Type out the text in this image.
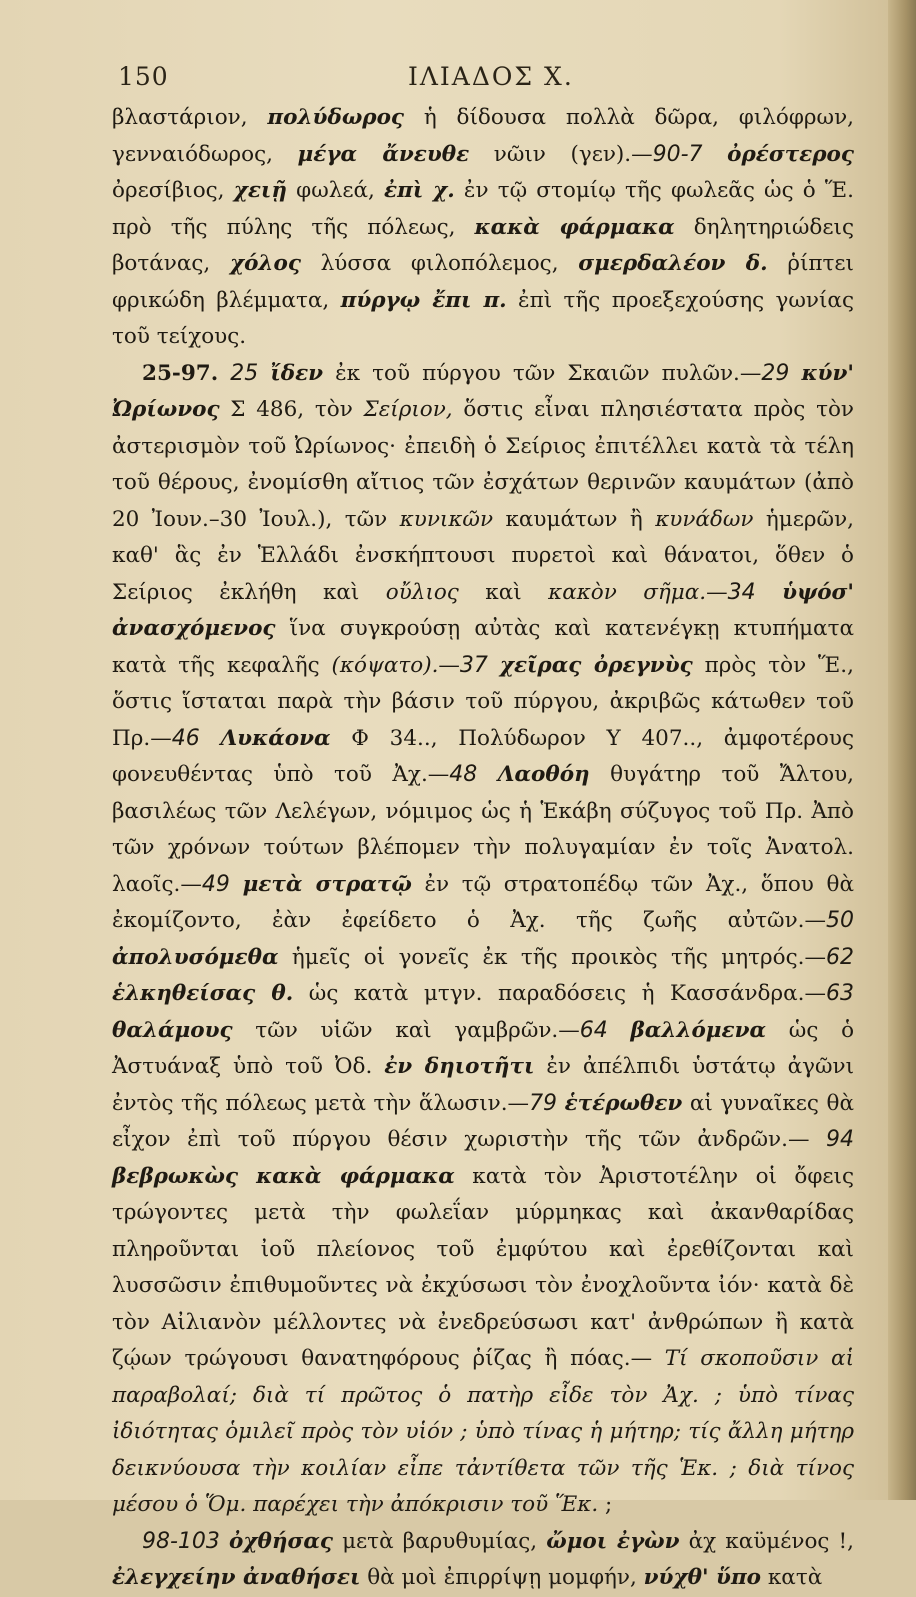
150	ΙΛΙΑΔΟΣ Χ.

βλαστάριον, πολύδωρος ἡ δίδουσα πολλὰ δῶρα, φιλόφρων, γενναιόδωρος, μέγα ἄνευθε νῶιν (γεν).—90-7 ὀρέστερος ὀρεσίβιος, χειῇ φωλεά, ἐπὶ χ. ἐν τῷ στομίῳ τῆς φωλεᾶς ὡς ὁ Ἕ. πρὸ τῆς πύλης τῆς πόλεως, κακὰ φάρμακα δηλητηριώδεις βοτάνας, χόλος λύσσα φιλοπόλεμος, σμερδαλέον δ. ῥίπτει φρικώδη βλέμματα, πύργῳ ἔπι π. ἐπὶ τῆς προεξεχούσης γωνίας τοῦ τείχους.

25-97. 25 ἴδεν ἐκ τοῦ πύργου τῶν Σκαιῶν πυλῶν.—29 κύν' Ὠρίωνος Σ 486, τὸν Σείριον, ὅστις εἶναι πλησιέστατα πρὸς τὸν ἀστερισμὸν τοῦ Ὠρίωνος· ἐπειδὴ ὁ Σείριος ἐπιτέλλει κατὰ τὰ τέλη τοῦ θέρους, ἐνομίσθη αἴτιος τῶν ἐσχάτων θερινῶν καυμάτων (ἀπὸ 20 Ἰουν.–30 Ἰουλ.), τῶν κυνικῶν καυμάτων ἢ κυνάδων ἡμερῶν, καθ' ἃς ἐν Ἑλλάδι ἐνσκήπτουσι πυρετοὶ καὶ θάνατοι, ὅθεν ὁ Σείριος ἐκλήθη καὶ οὔλιος καὶ κακὸν σῆμα.—34 ὑψόσ' ἀνασχόμενος ἵνα συγκρούσῃ αὐτὰς καὶ κατενέγκῃ κτυπήματα κατὰ τῆς κεφαλῆς (κόψατο).—37 χεῖρας ὀρεγνὺς πρὸς τὸν Ἕ., ὅστις ἵσταται παρὰ τὴν βάσιν τοῦ πύργου, ἀκριβῶς κάτωθεν τοῦ Πρ.—46 Λυκάονα Φ 34.., Πολύδωρον Υ 407.., ἀμφοτέρους φονευθέντας ὑπὸ τοῦ Ἀχ.—48 Λαοθόη θυγάτηρ τοῦ Ἄλτου, βασιλέως τῶν Λελέγων, νόμιμος ὡς ἡ Ἑκάβη σύζυγος τοῦ Πρ. Ἀπὸ τῶν χρόνων τούτων βλέπομεν τὴν πολυγαμίαν ἐν τοῖς Ἀνατολ. λαοῖς.—49 μετὰ στρατῷ ἐν τῷ στρατοπέδῳ τῶν Ἀχ., ὅπου θὰ ἐκομίζοντο, ἐὰν ἐφείδετο ὁ Ἀχ. τῆς ζωῆς αὐτῶν.—50 ἀπολυσόμεθα ἡμεῖς οἱ γονεῖς ἐκ τῆς προικὸς τῆς μητρός.—62 ἑλκηθείσας θ. ὡς κατὰ μτγν. παραδόσεις ἡ Κασσάνδρα.—63 θαλάμους τῶν υἱῶν καὶ γαμβρῶν.—64 βαλλόμενα ὡς ὁ Ἀστυάναξ ὑπὸ τοῦ Ὀδ. ἐν δηιοτῆτι ἐν ἀπέλπιδι ὑστάτῳ ἀγῶνι ἐντὸς τῆς πόλεως μετὰ τὴν ἅλωσιν.—79 ἑτέρωθεν αἱ γυναῖκες θὰ εἶχον ἐπὶ τοῦ πύργου θέσιν χωριστὴν τῆς τῶν ἀνδρῶν.— 94 βεβρωκὼς κακὰ φάρμακα κατὰ τὸν Ἀριστοτέλην οἱ ὄφεις τρώγοντες μετὰ τὴν φωλεΐαν μύρμηκας καὶ ἀκανθαρίδας πληροῦνται ἰοῦ πλείονος τοῦ ἐμφύτου καὶ ἐρεθίζονται καὶ λυσσῶσιν ἐπιθυμοῦντες νὰ ἐκχύσωσι τὸν ἐνοχλοῦντα ἰόν· κατὰ δὲ τὸν Αἰλιανὸν μέλλοντες νὰ ἐνεδρεύσωσι κατ' ἀνθρώπων ἢ κατὰ ζῴων τρώγουσι θανατηφόρους ῥίζας ἢ πόας.— Τί σκοποῦσιν αἱ παραβολαί; διὰ τί πρῶτος ὁ πατὴρ εἶδε τὸν Ἀχ. ; ὑπὸ τίνας ἰδιότητας ὁμιλεῖ πρὸς τὸν υἱόν ; ὑπὸ τίνας ἡ μήτηρ; τίς ἄλλη μήτηρ δεικνύουσα τὴν κοιλίαν εἶπε τἀντίθετα τῶν τῆς Ἑκ. ; διὰ τίνος μέσου ὁ Ὅμ. παρέχει τὴν ἀπόκρισιν τοῦ Ἕκ. ;

98-103 ὀχθήσας μετὰ βαρυθυμίας, ὤμοι ἐγὼν ἀχ καϋμένος !, ἐλεγχείην ἀναθήσει θὰ μοὶ ἐπιρρίψῃ μομφήν, νύχθ' ὕπο κατὰ
